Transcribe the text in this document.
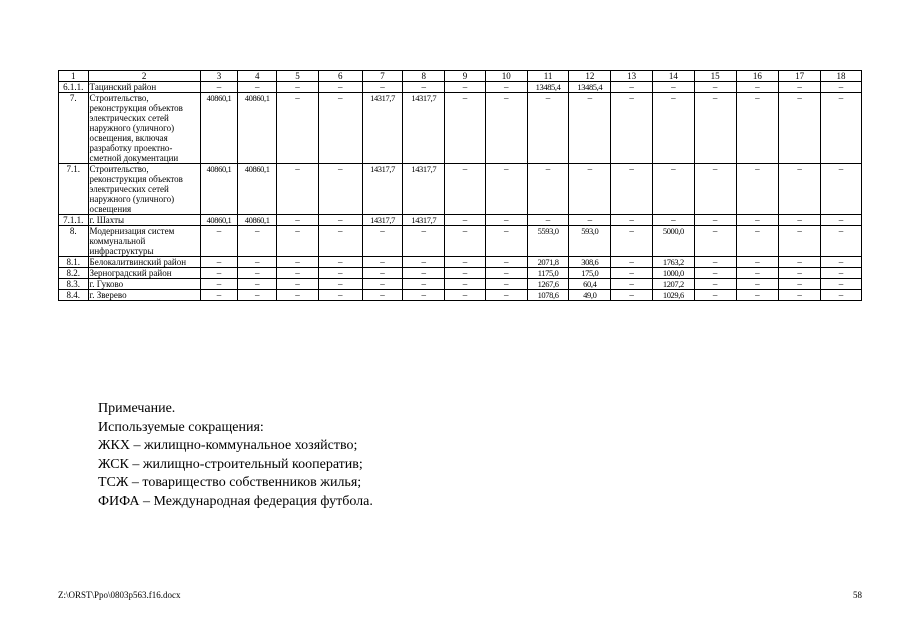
1	2	3	4	5	6	7	8	9	10	11	12	13	14	15	16	17	18
6.1.1.	Тацинский район	–	–	–	–	–	–	–	–	13485,4	13485,4	–	–	–	–	–	–
7.	Строительство, реконструкция объектов электрических сетей наружного (уличного) освещения, включая разработку проектно-сметной документации	40860,1	40860,1	–	–	14317,7	14317,7	–	–	–	–	–	–	–	–	–	–
7.1.	Строительство, реконструкция объектов электрических сетей наружного (уличного) освещения	40860,1	40860,1	–	–	14317,7	14317,7	–	–	–	–	–	–	–	–	–	–
7.1.1.	г. Шахты	40860,1	40860,1	–	–	14317,7	14317,7	–	–	–	–	–	–	–	–	–	–
8.	Модернизация систем коммунальной инфраструктуры	–	–	–	–	–	–	–	–	5593,0	593,0	–	5000,0	–	–	–	–
8.1.	Белокалитвинский район	–	–	–	–	–	–	–	–	2071,8	308,6	–	1763,2	–	–	–	–
8.2.	Зерноградский район	–	–	–	–	–	–	–	–	1175,0	175,0	–	1000,0	–	–	–	–
8.3.	г. Гуково	–	–	–	–	–	–	–	–	1267,6	60,4	–	1207,2	–	–	–	–
8.4.	г. Зверево	–	–	–	–	–	–	–	–	1078,6	49,0	–	1029,6	–	–	–	–
Примечание.
Используемые сокращения:
ЖКХ – жилищно-коммунальное хозяйство;
ЖСК – жилищно-строительный кооператив;
ТСЖ – товарищество собственников жилья;
ФИФА – Международная федерация футбола.
Z:\ORST\Ppo\0803p563.f16.docx	58
